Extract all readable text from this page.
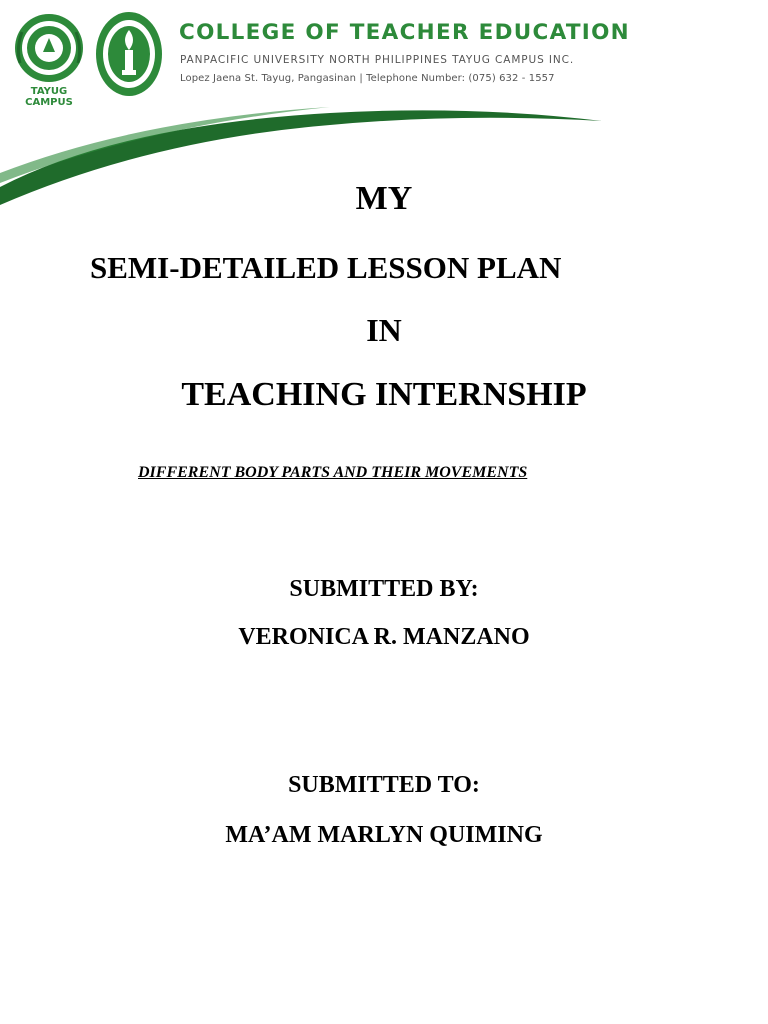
TAYUG
CAMPUS
COLLEGE OF TEACHER EDUCATION
PANPACIFIC UNIVERSITY NORTH PHILIPPINES TAYUG CAMPUS INC.
Lopez Jaena St. Tayug, Pangasinan | Telephone Number: (075) 632 - 1557
MY
SEMI-DETAILED LESSON PLAN
IN
TEACHING INTERNSHIP
DIFFERENT BODY PARTS AND THEIR MOVEMENTS
SUBMITTED BY:
VERONICA R. MANZANO
SUBMITTED TO:
MA’AM MARLYN QUIMING
